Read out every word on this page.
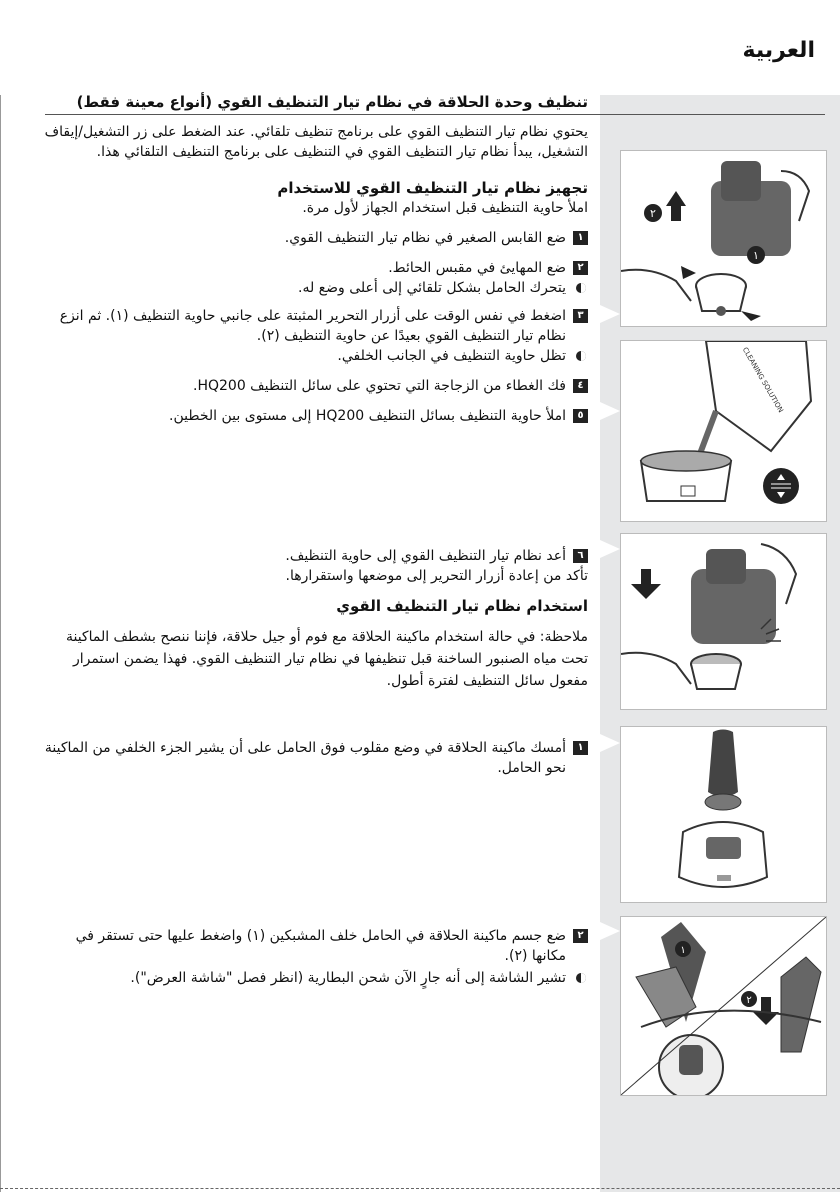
العربية
تنظيف وحدة الحلاقة في نظام تيار التنظيف القوي (أنواع معينة فقط)
يحتوي نظام تيار التنظيف القوي على برنامج تنظيف تلقائي. عند الضغط على زر التشغيل/إيقاف التشغيل، يبدأ نظام تيار التنظيف القوي في التنظيف على برنامج التنظيف التلقائي هذا.
تجهيز نظام تيار التنظيف القوي للاستخدام
املأ حاوية التنظيف قبل استخدام الجهاز لأول مرة.
١
ضع القابس الصغير في نظام تيار التنظيف القوي.
٢
ضع المهايئ في مقبس الحائط.
يتحرك الحامل بشكل تلقائي إلى أعلى وضع له.
٣
اضغط في نفس الوقت على أزرار التحرير المثبتة على جانبي حاوية التنظيف (١). ثم انزع نظام تيار التنظيف القوي بعيدًا عن حاوية التنظيف (٢).
تظل حاوية التنظيف في الجانب الخلفي.
٤
فك الغطاء من الزجاجة التي تحتوي على سائل التنظيف HQ200.
٥
املأ حاوية التنظيف بسائل التنظيف HQ200 إلى مستوى بين الخطين.
٦
أعد نظام تيار التنظيف القوي إلى حاوية التنظيف.
تأكد من إعادة أزرار التحرير إلى موضعها واستقرارها.
استخدام نظام تيار التنظيف القوي
ملاحظة: في حالة استخدام ماكينة الحلاقة مع فوم أو جيل حلاقة، فإننا ننصح بشطف الماكينة تحت مياه الصنبور الساخنة قبل تنظيفها في نظام تيار التنظيف القوي. فهذا يضمن استمرار مفعول سائل التنظيف لفترة أطول.
١
أمسك ماكينة الحلاقة في وضع مقلوب فوق الحامل على أن يشير الجزء الخلفي من الماكينة نحو الحامل.
٢
ضع جسم ماكينة الحلاقة في الحامل خلف المشبكين (١) واضغط عليها حتى تستقر في مكانها (٢).
تشير الشاشة إلى أنه جارٍ الآن شحن البطارية (انظر فصل "شاشة العرض").
٢
١
CLEANING SOLUTION
١
٢
